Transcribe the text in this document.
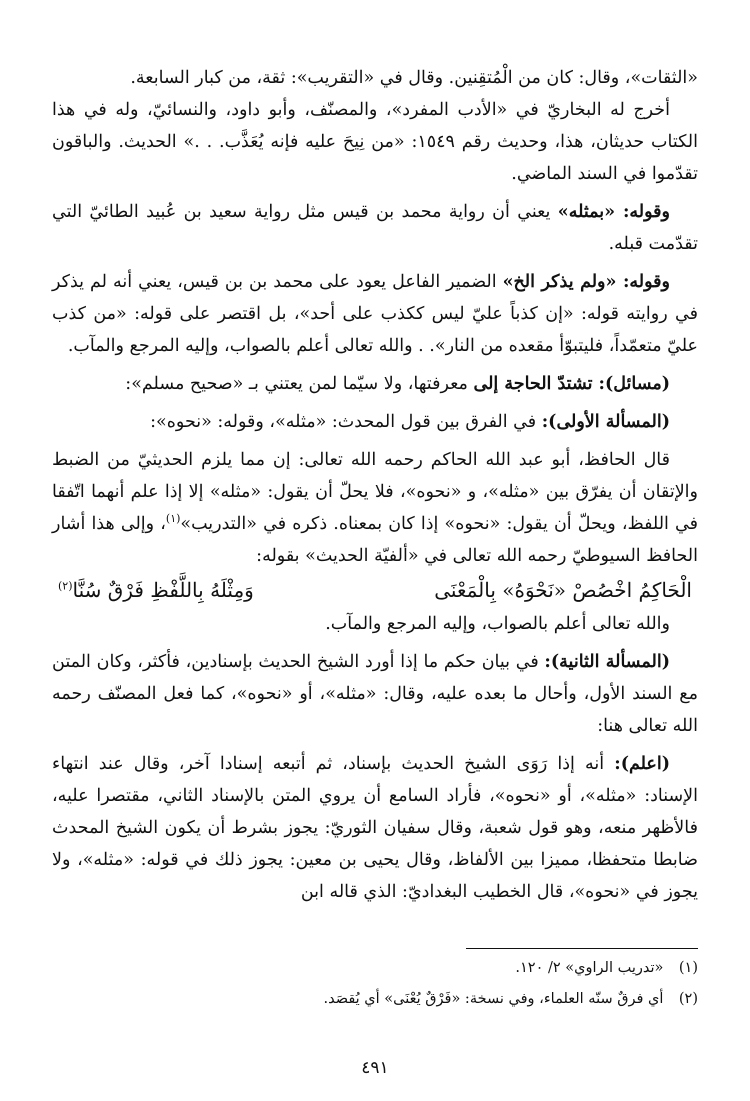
«الثقات»، وقال: كان من الْمُتقِنين. وقال في «التقريب»: ثقة، من كبار السابعة.

أخرج له البخاريّ في «الأدب المفرد»، والمصنّف، وأبو داود، والنسائيّ، وله في هذا الكتاب حديثان، هذا، وحديث رقم ١٥٤٩: «من نِيحَ عليه فإنه يُعَذَّب. . .» الحديث. والباقون تقدّموا في السند الماضي.

وقوله: «بمثله» يعني أن رواية محمد بن قيس مثل رواية سعيد بن عُبيد الطائيّ التي تقدّمت قبله.

وقوله: «ولم يذكر الخ» الضمير الفاعل يعود على محمد بن بن قيس، يعني أنه لم يذكر في روايته قوله: «إن كذباً عليّ ليس ككذب على أحد»، بل اقتصر على قوله: «من كذب عليّ متعمّداً، فليتبوّأ مقعده من النار». . والله تعالى أعلم بالصواب، وإليه المرجع والمآب.

(مسائل): تشتدّ الحاجة إلى معرفتها، ولا سيّما لمن يعتني بـ «صحيح مسلم»:

(المسألة الأولى): في الفرق بين قول المحدث: «مثله»، وقوله: «نحوه»:

قال الحافظ، أبو عبد الله الحاكم رحمه الله تعالى: إن مما يلزم الحديثيّ من الضبط والإتقان أن يفرّق بين «مثله»، و «نحوه»، فلا يحلّ أن يقول: «مثله» إلا إذا علم أنهما اتّفقا في اللفظ، ويحلّ أن يقول: «نحوه» إذا كان بمعناه. ذكره في «التدريب»$^{(١)}$، وإلى هذا أشار الحافظ السيوطيّ رحمه الله تعالى في «ألفيّة الحديث» بقوله:

الْحَاكِمُ اخْصُصْ «نَحْوَهُ» بِالْمَعْنَى
وَمِثْلَهُ بِاللَّفْظِ فَرْقٌ سُنَّا$^{(٢)}$

والله تعالى أعلم بالصواب، وإليه المرجع والمآب.

(المسألة الثانية): في بيان حكم ما إذا أورد الشيخ الحديث بإسنادين، فأكثر، وكان المتن مع السند الأول، وأحال ما بعده عليه، وقال: «مثله»، أو «نحوه»، كما فعل المصنّف رحمه الله تعالى هنا:

(اعلم): أنه إذا رَوَى الشيخ الحديث بإسناد، ثم أتبعه إسنادا آخر، وقال عند انتهاء الإسناد: «مثله»، أو «نحوه»، فأراد السامع أن يروي المتن بالإسناد الثاني، مقتصرا عليه، فالأظهر منعه، وهو قول شعبة، وقال سفيان الثوريّ: يجوز بشرط أن يكون الشيخ المحدث ضابطا متحفظا، مميزا بين الألفاظ، وقال يحيى بن معين: يجوز ذلك في قوله: «مثله»، ولا يجوز في «نحوه»، قال الخطيب البغداديّ: الذي قاله ابن

(١) «تدريب الراوي» ٢/ ١٢٠.
(٢) أي فرقٌ سنّه العلماء، وفي نسخة: «فَرْقٌ يُعْنَى» أي يُقصَد.
٤٩١
